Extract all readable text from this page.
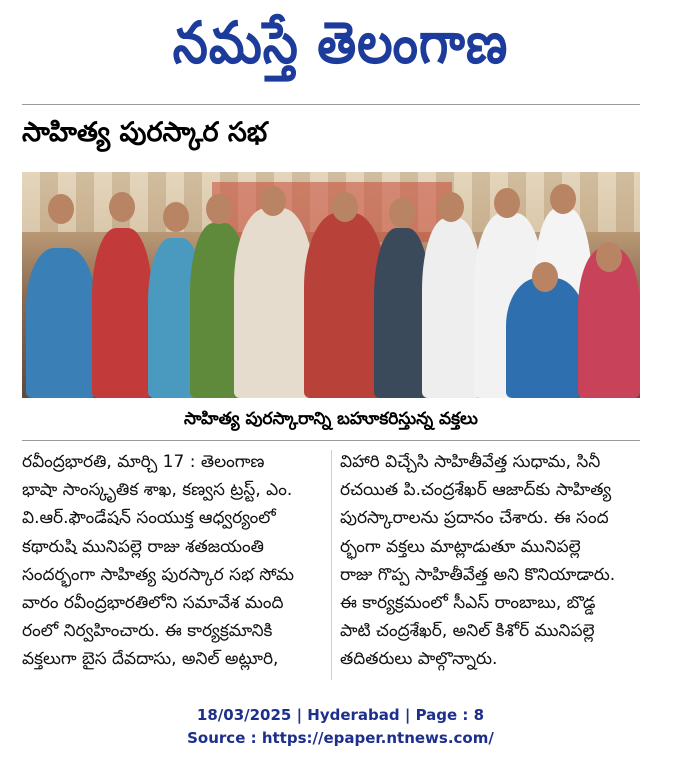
నమస్తే తెలంగాణ
సాహిత్య పురస్కార సభ
సాహిత్య పురస్కారాన్ని బహూకరిస్తున్న వక్తలు

రవీంద్రభారతి, మార్చి 17 : తెలంగాణ

భాషా సాంస్కృతిక శాఖ, కణ్వస ట్రస్ట్, ఎం.

వి.ఆర్.ఫౌండేషన్ సంయుక్త ఆధ్వర్యంలో

కథారుషి మునిపల్లె రాజు శతజయంతి

సందర్భంగా సాహిత్య పురస్కార సభ సోమ

వారం రవీంద్రభారతిలోని సమావేశ మంది

రంలో నిర్వహించారు. ఈ కార్యక్రమానికి

వక్తలుగా బైస దేవదాసు, అనిల్ అట్లూరి,

విహారి విచ్చేసి సాహితీవేత్త సుధామ, సినీ

రచయిత పి.చంద్రశేఖర్ ఆజాద్‌కు సాహిత్య

పురస్కారాలను ప్రదానం చేశారు. ఈ సంద

ర్భంగా వక్తలు మాట్లాడుతూ మునిపల్లె

రాజు గొప్ప సాహితీవేత్త అని కొనియాడారు.

ఈ కార్యక్రమంలో సీఎస్ రాంబాబు, బొడ్డ

పాటి చంద్రశేఖర్, అనిల్ కిశోర్ మునిపల్లె

తదితరులు పాల్గొన్నారు.

18/03/2025 | Hyderabad | Page : 8
Source : https://epaper.ntnews.com/
